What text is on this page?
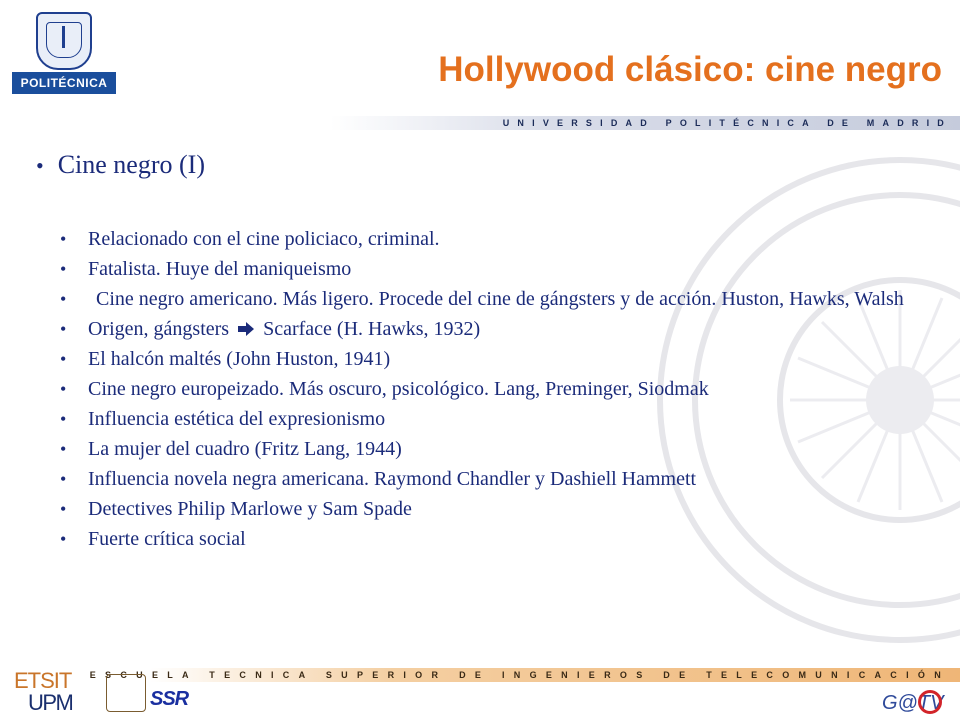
POLITÉCNICA	Hollywood clásico: cine negro
UNIVERSIDAD POLITÉCNICA DE MADRID
• Cine negro (I)
• Relacionado con el cine policiaco, criminal.
• Fatalista. Huye del maniqueismo
• Cine negro americano. Más ligero. Procede del cine de gángsters y de acción. Huston, Hawks, Walsh
• Origen, gángsters Scarface (H. Hawks, 1932)
• El halcón maltés (John Huston, 1941)
• Cine negro europeizado. Más oscuro, psicológico. Lang, Preminger, Siodmak
• Influencia estética del expresionismo
• La mujer del cuadro (Fritz Lang, 1944)
• Influencia novela negra americana. Raymond Chandler y Dashiell Hammett
• Detectives Philip Marlowe y Sam Spade
• Fuerte crítica social
ESCUELA TECNICA SUPERIOR DE INGENIEROS DE TELECOMUNICACIÓN
ETSIT
UPM	SSR	G@TV
